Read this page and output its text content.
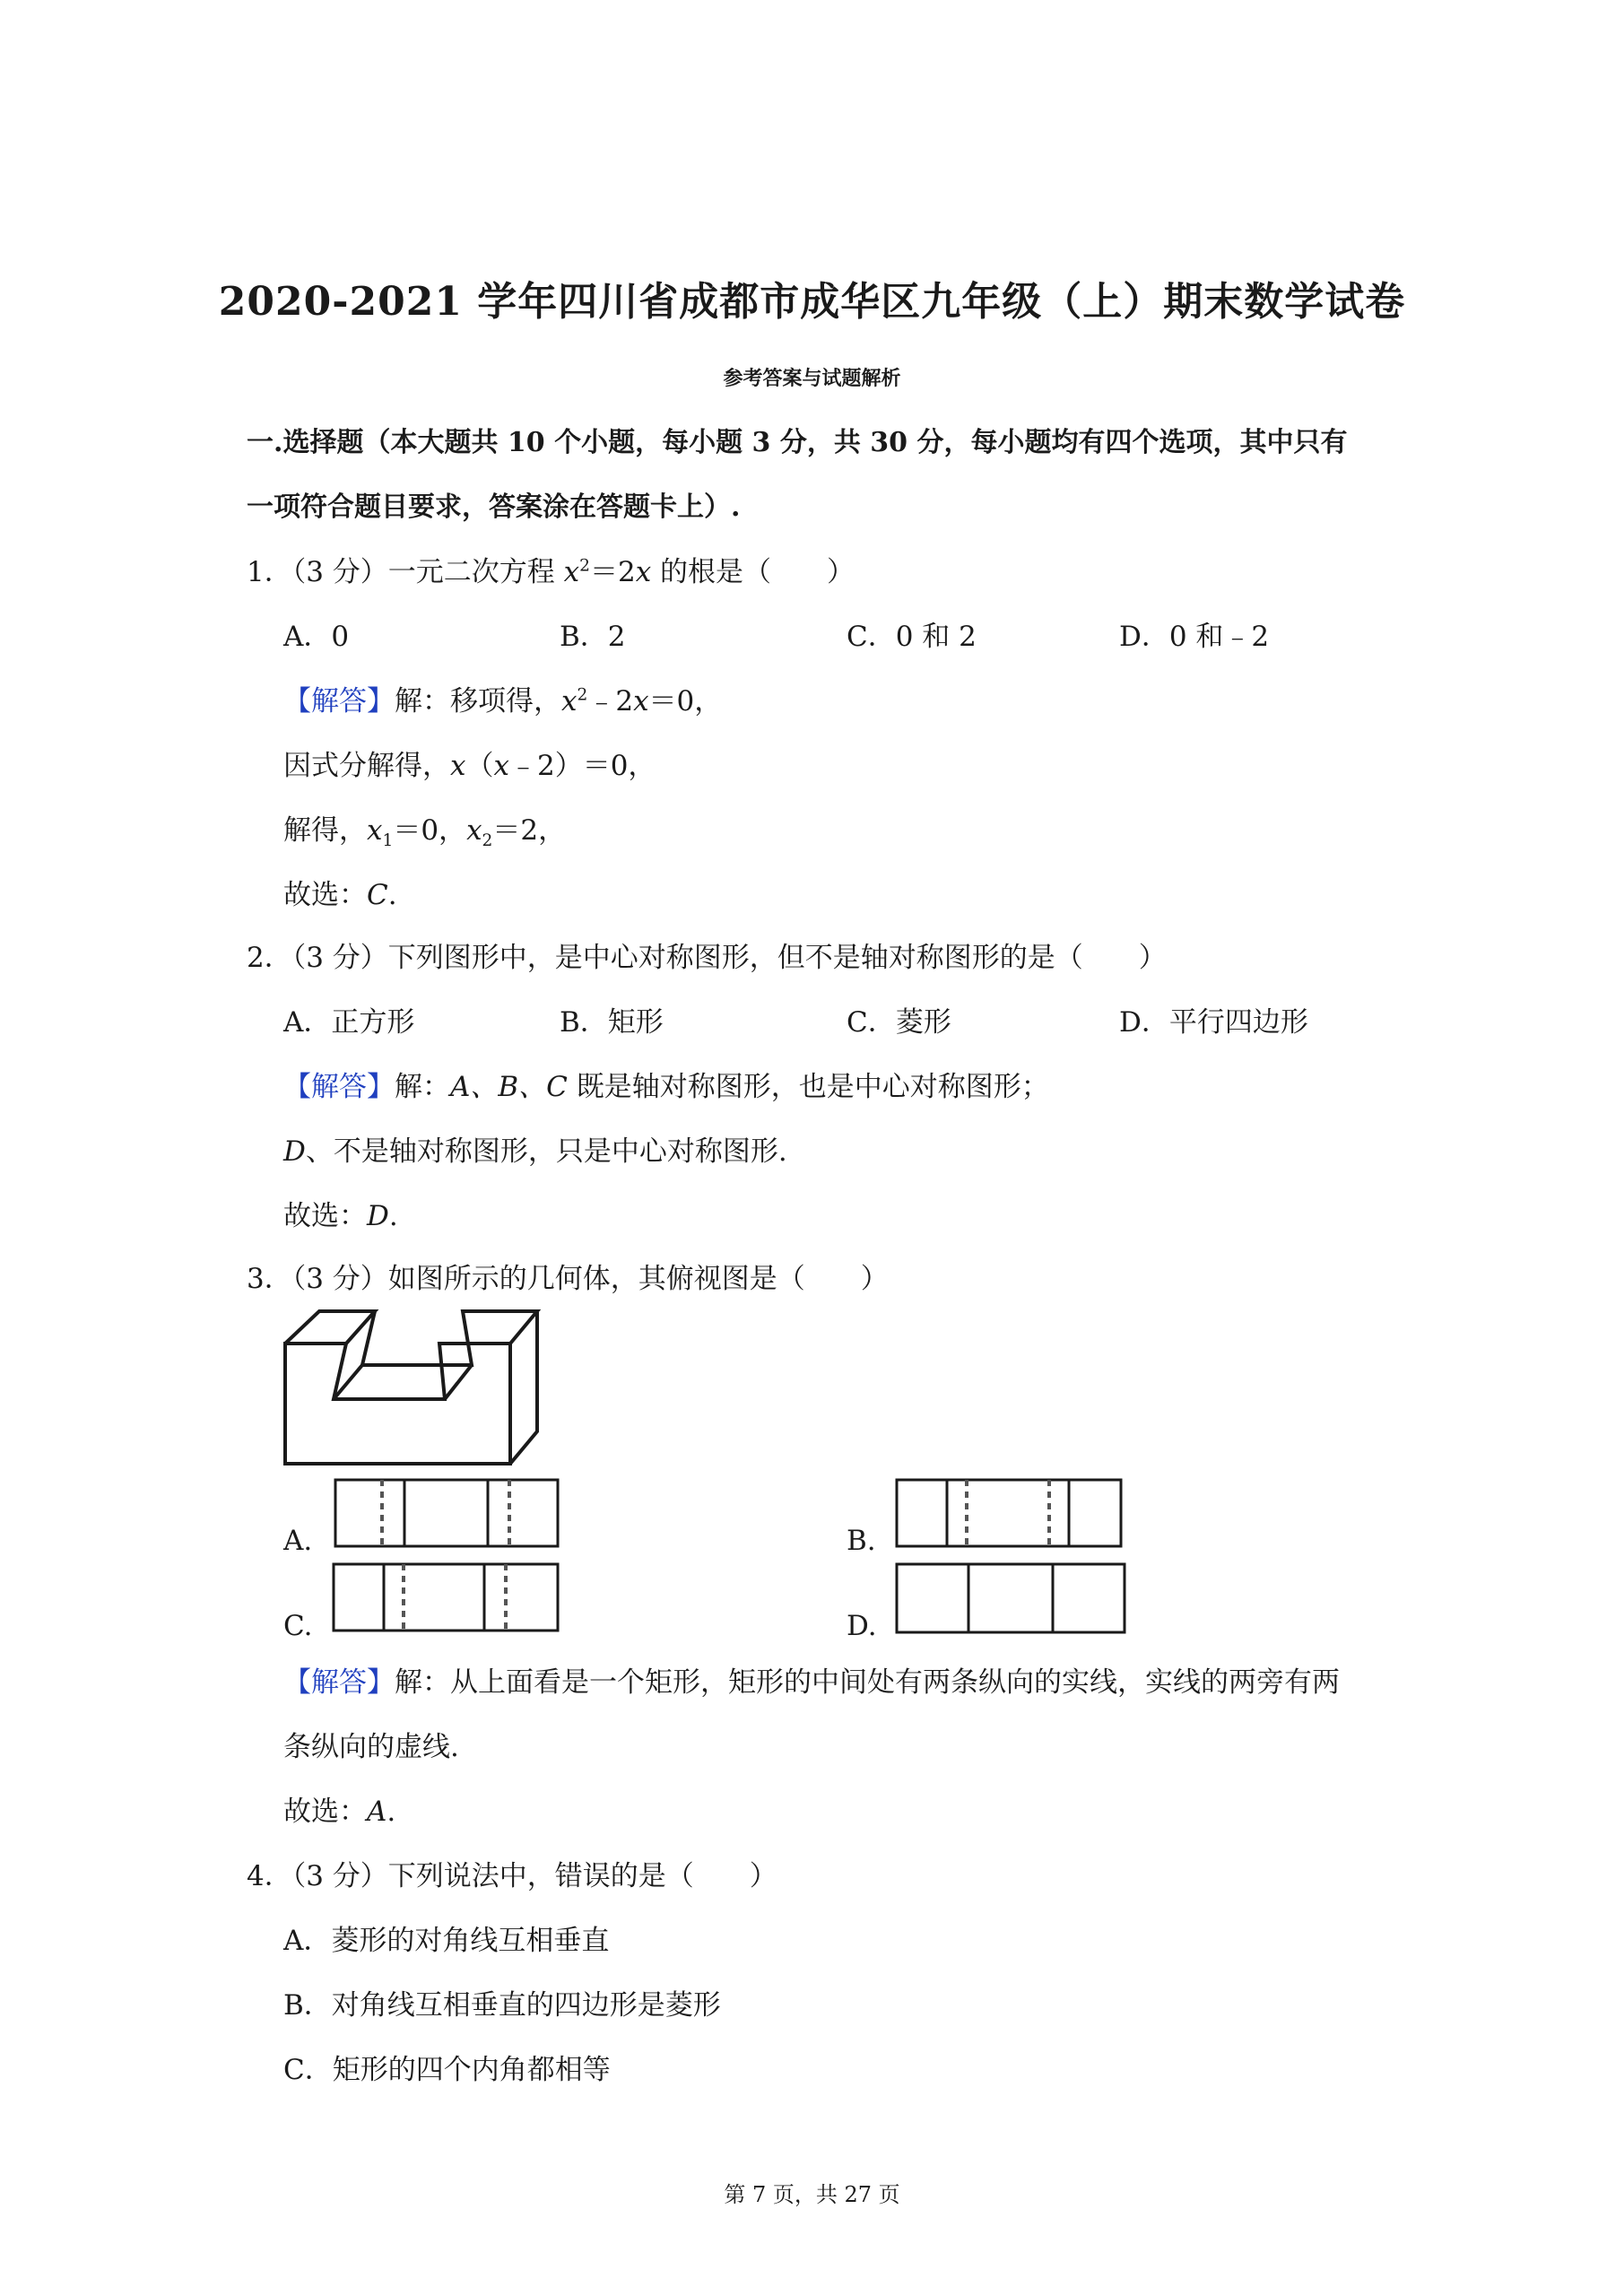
2020-2021 学年四川省成都市成华区九年级（上）期末数学试卷
参考答案与试题解析
一.选择题（本大题共 10 个小题，每小题 3 分，共 30 分，每小题均有四个选项，其中只有
一项符合题目要求，答案涂在答题卡上）.
1．（3 分）一元二次方程 $x^2=2x$ 的根是（　　）
A．0	B．2	C．0 和 2	D．0 和﹣2
【解答】解：移项得，$x^2﹣2x=0$，
因式分解得，x（x﹣2）＝0，
解得，$x_1=0$，$x_2=2$，
故选：C.
2．（3 分）下列图形中，是中心对称图形，但不是轴对称图形的是（　　）
A．正方形	B．矩形	C．菱形	D．平行四边形
【解答】解：A、B、C 既是轴对称图形，也是中心对称图形；
D、不是轴对称图形，只是中心对称图形.
故选：D.
3．（3 分）如图所示的几何体，其俯视图是（　　）
A.	B.
C.	D.
【解答】解：从上面看是一个矩形，矩形的中间处有两条纵向的实线，实线的两旁有两
条纵向的虚线.
故选：A.
4．（3 分）下列说法中，错误的是（　　）
A．菱形的对角线互相垂直
B．对角线互相垂直的四边形是菱形
C．矩形的四个内角都相等
第 7 页，共 27 页
